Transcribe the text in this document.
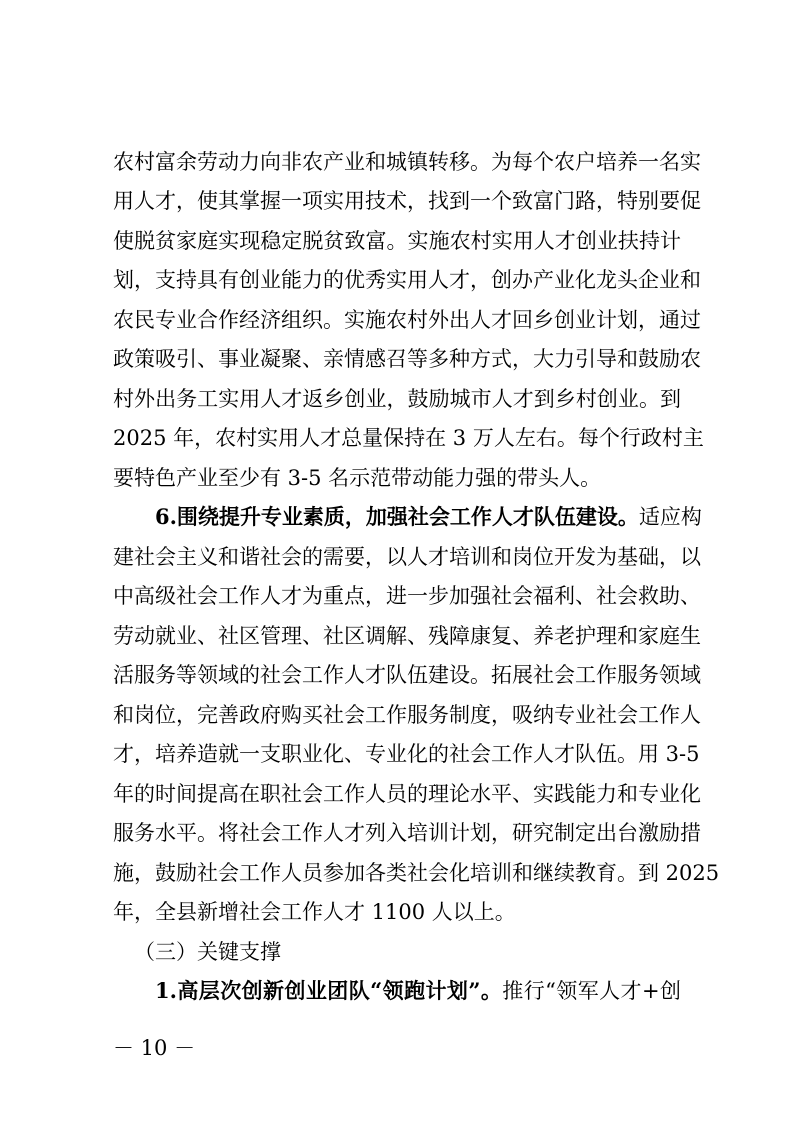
农村富余劳动力向非农产业和城镇转移。为每个农户培养一名实
用人才，使其掌握一项实用技术，找到一个致富门路，特别要促
使脱贫家庭实现稳定脱贫致富。实施农村实用人才创业扶持计
划，支持具有创业能力的优秀实用人才，创办产业化龙头企业和
农民专业合作经济组织。实施农村外出人才回乡创业计划，通过
政策吸引、事业凝聚、亲情感召等多种方式，大力引导和鼓励农
村外出务工实用人才返乡创业，鼓励城市人才到乡村创业。到
2025 年，农村实用人才总量保持在 3 万人左右。每个行政村主
要特色产业至少有 3-5 名示范带动能力强的带头人。
6.围绕提升专业素质，加强社会工作人才队伍建设。适应构
建社会主义和谐社会的需要，以人才培训和岗位开发为基础，以
中高级社会工作人才为重点，进一步加强社会福利、社会救助、
劳动就业、社区管理、社区调解、残障康复、养老护理和家庭生
活服务等领域的社会工作人才队伍建设。拓展社会工作服务领域
和岗位，完善政府购买社会工作服务制度，吸纳专业社会工作人
才，培养造就一支职业化、专业化的社会工作人才队伍。用 3-5
年的时间提高在职社会工作人员的理论水平、实践能力和专业化
服务水平。将社会工作人才列入培训计划，研究制定出台激励措
施，鼓励社会工作人员参加各类社会化培训和继续教育。到 2025
年，全县新增社会工作人才 1100 人以上。
（三）关键支撑
1.高层次创新创业团队“领跑计划”。推行“领军人才+创
－ 10 －
